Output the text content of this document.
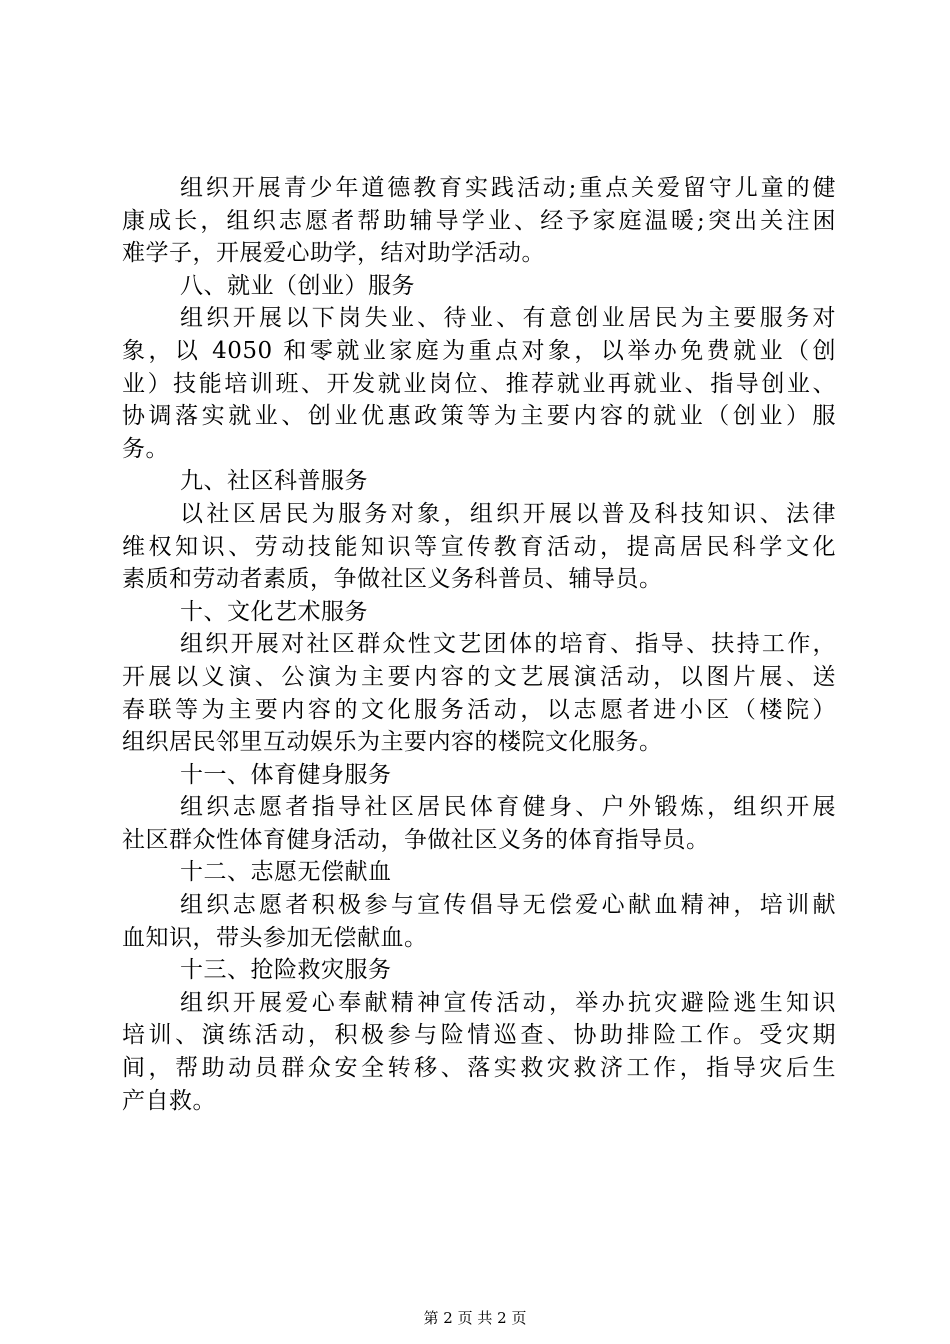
组织开展青少年道德教育实践活动;重点关爱留守儿童的健
康成长，组织志愿者帮助辅导学业、经予家庭温暖;突出关注困
难学子，开展爱心助学，结对助学活动。
八、就业（创业）服务
组织开展以下岗失业、待业、有意创业居民为主要服务对
象，以 4050 和零就业家庭为重点对象，以举办免费就业（创
业）技能培训班、开发就业岗位、推荐就业再就业、指导创业、
协调落实就业、创业优惠政策等为主要内容的就业（创业）服
务。
九、社区科普服务
以社区居民为服务对象，组织开展以普及科技知识、法律
维权知识、劳动技能知识等宣传教育活动，提高居民科学文化
素质和劳动者素质，争做社区义务科普员、辅导员。
十、文化艺术服务
组织开展对社区群众性文艺团体的培育、指导、扶持工作，
开展以义演、公演为主要内容的文艺展演活动，以图片展、送
春联等为主要内容的文化服务活动，以志愿者进小区（楼院）
组织居民邻里互动娱乐为主要内容的楼院文化服务。
十一、体育健身服务
组织志愿者指导社区居民体育健身、户外锻炼，组织开展
社区群众性体育健身活动，争做社区义务的体育指导员。
十二、志愿无偿献血
组织志愿者积极参与宣传倡导无偿爱心献血精神，培训献
血知识，带头参加无偿献血。
十三、抢险救灾服务
组织开展爱心奉献精神宣传活动，举办抗灾避险逃生知识
培训、演练活动，积极参与险情巡查、协助排险工作。受灾期
间，帮助动员群众安全转移、落实救灾救济工作，指导灾后生
产自救。
第 2 页 共 2 页
